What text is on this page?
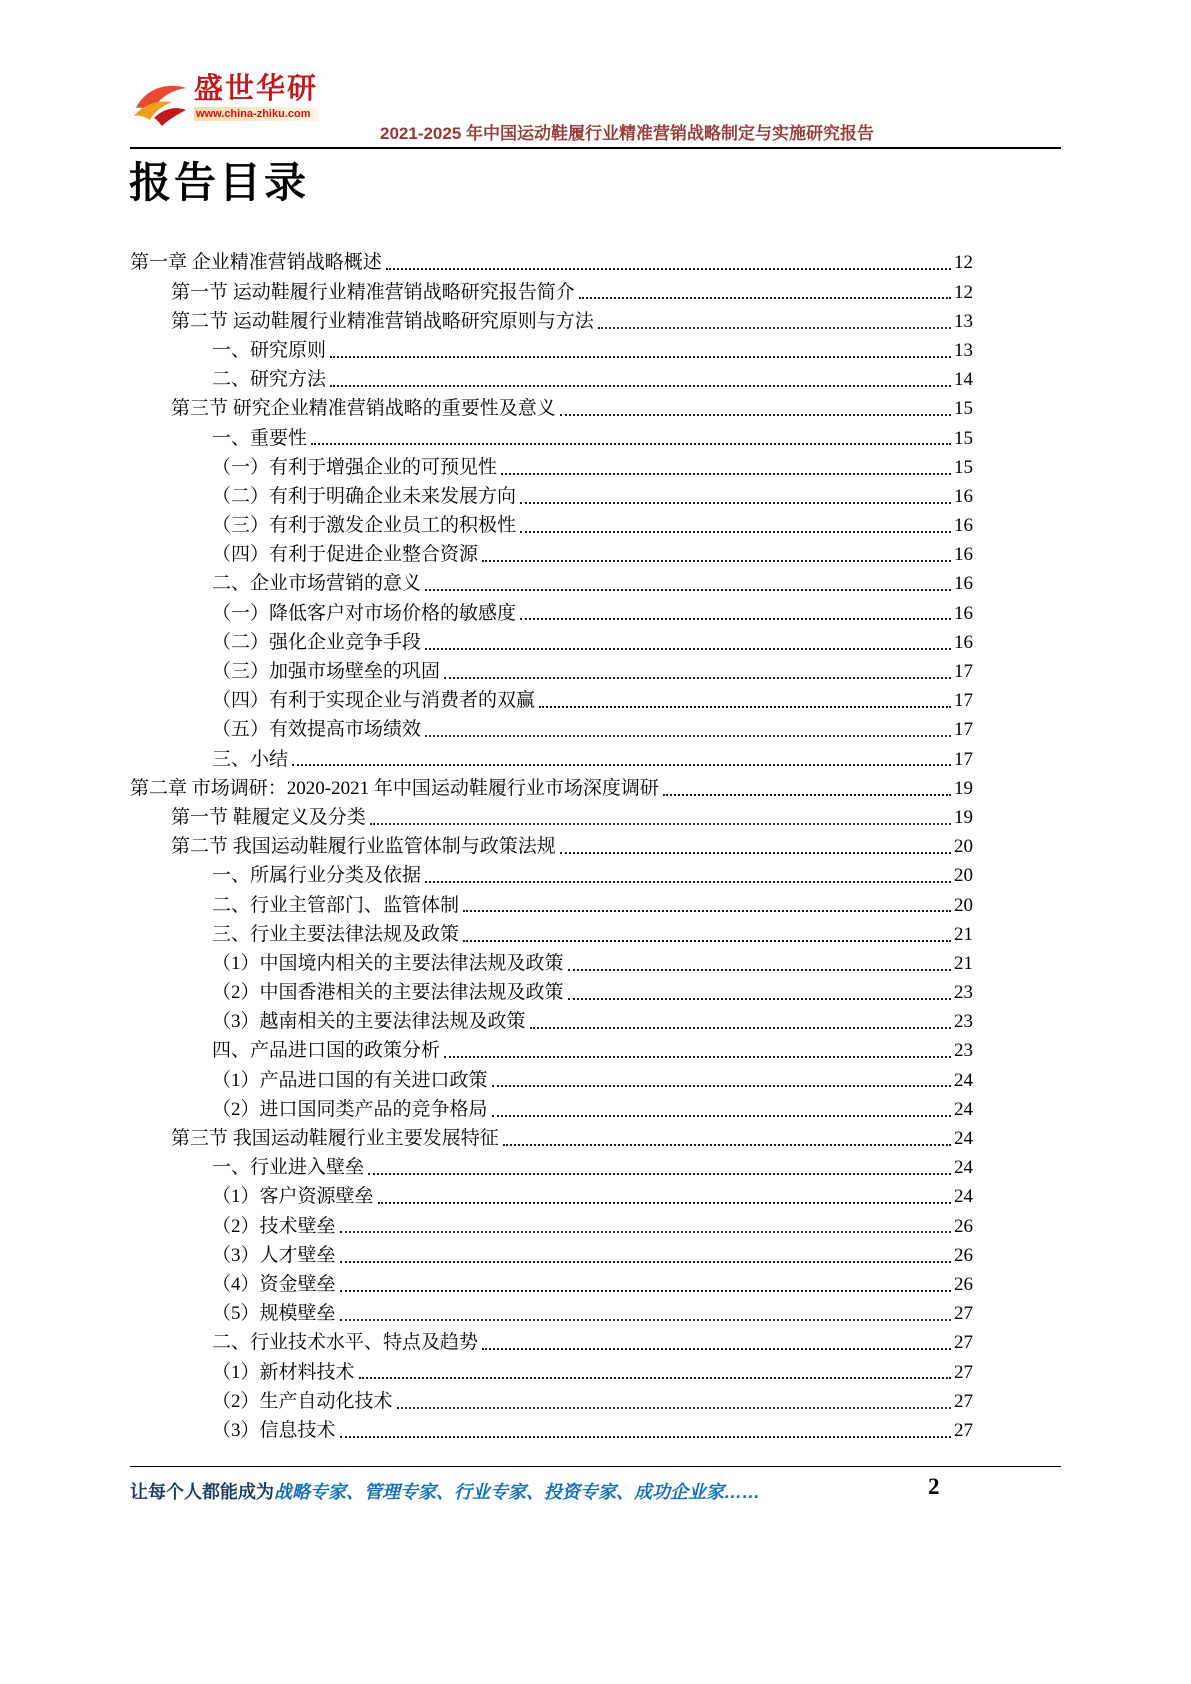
盛世华研
www.china-zhiku.com
2021-2025 年中国运动鞋履行业精准营销战略制定与实施研究报告
报告目录
第一章 企业精准营销战略概述	12
第一节 运动鞋履行业精准营销战略研究报告简介	12
第二节 运动鞋履行业精准营销战略研究原则与方法	13
一、研究原则	13
二、研究方法	14
第三节 研究企业精准营销战略的重要性及意义	15
一、重要性	15
（一）有利于增强企业的可预见性	15
（二）有利于明确企业未来发展方向	16
（三）有利于激发企业员工的积极性	16
（四）有利于促进企业整合资源	16
二、企业市场营销的意义	16
（一）降低客户对市场价格的敏感度	16
（二）强化企业竞争手段	16
（三）加强市场壁垒的巩固	17
（四）有利于实现企业与消费者的双赢	17
（五）有效提高市场绩效	17
三、小结	17
第二章 市场调研：2020-2021 年中国运动鞋履行业市场深度调研	19
第一节 鞋履定义及分类	19
第二节 我国运动鞋履行业监管体制与政策法规	20
一、所属行业分类及依据	20
二、行业主管部门、监管体制	20
三、行业主要法律法规及政策	21
（1）中国境内相关的主要法律法规及政策	21
（2）中国香港相关的主要法律法规及政策	23
（3）越南相关的主要法律法规及政策	23
四、产品进口国的政策分析	23
（1）产品进口国的有关进口政策	24
（2）进口国同类产品的竞争格局	24
第三节 我国运动鞋履行业主要发展特征	24
一、行业进入壁垒	24
（1）客户资源壁垒	24
（2）技术壁垒	26
（3）人才壁垒	26
（4）资金壁垒	26
（5）规模壁垒	27
二、行业技术水平、特点及趋势	27
（1）新材料技术	27
（2）生产自动化技术	27
（3）信息技术	27
让每个人都能成为战略专家、管理专家、行业专家、投资专家、成功企业家……	2
